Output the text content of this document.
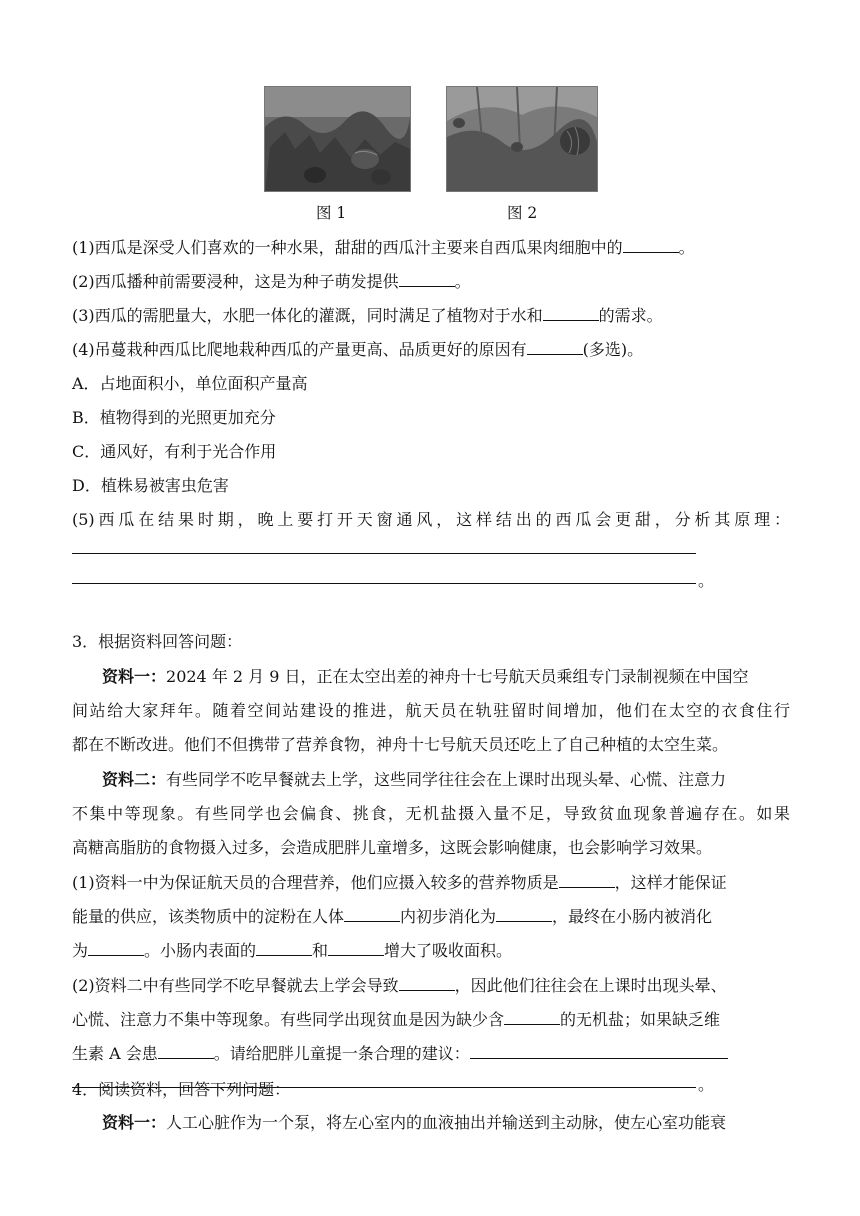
图 1	图 2
(1)西瓜是深受人们喜欢的一种水果，甜甜的西瓜汁主要来自西瓜果肉细胞中的	。
(2)西瓜播种前需要浸种，这是为种子萌发提供	。
(3)西瓜的需肥量大，水肥一体化的灌溉，同时满足了植物对于水和	的需求。
(4)吊蔓栽种西瓜比爬地栽种西瓜的产量更高、品质更好的原因有	(多选)。
A．占地面积小，单位面积产量高
B．植物得到的光照更加充分
C．通风好，有利于光合作用
D．植株易被害虫危害
(5)西瓜在结果时期，晚上要打开天窗通风，这样结出的西瓜会更甜，分析其原理：
。
3．根据资料回答问题：
资料一：2024 年 2 月 9 日，正在太空出差的神舟十七号航天员乘组专门录制视频在中国空
间站给大家拜年。随着空间站建设的推进，航天员在轨驻留时间增加，他们在太空的衣食住行
都在不断改进。他们不但携带了营养食物，神舟十七号航天员还吃上了自己种植的太空生菜。
资料二：有些同学不吃早餐就去上学，这些同学往往会在上课时出现头晕、心慌、注意力
不集中等现象。有些同学也会偏食、挑食，无机盐摄入量不足，导致贫血现象普遍存在。如果
高糖高脂肪的食物摄入过多，会造成肥胖儿童增多，这既会影响健康，也会影响学习效果。
(1)资料一中为保证航天员的合理营养，他们应摄入较多的营养物质是	，这样才能保证
能量的供应，该类物质中的淀粉在人体	内初步消化为	，最终在小肠内被消化
为	。小肠内表面的	和	增大了吸收面积。
(2)资料二中有些同学不吃早餐就去上学会导致	，因此他们往往会在上课时出现头晕、
心慌、注意力不集中等现象。有些同学出现贫血是因为缺少含	的无机盐；如果缺乏维
生素 A 会患	。请给肥胖儿童提一条合理的建议：
。
4．阅读资料，回答下列问题：
资料一：人工心脏作为一个泵，将左心室内的血液抽出并输送到主动脉，使左心室功能衰
